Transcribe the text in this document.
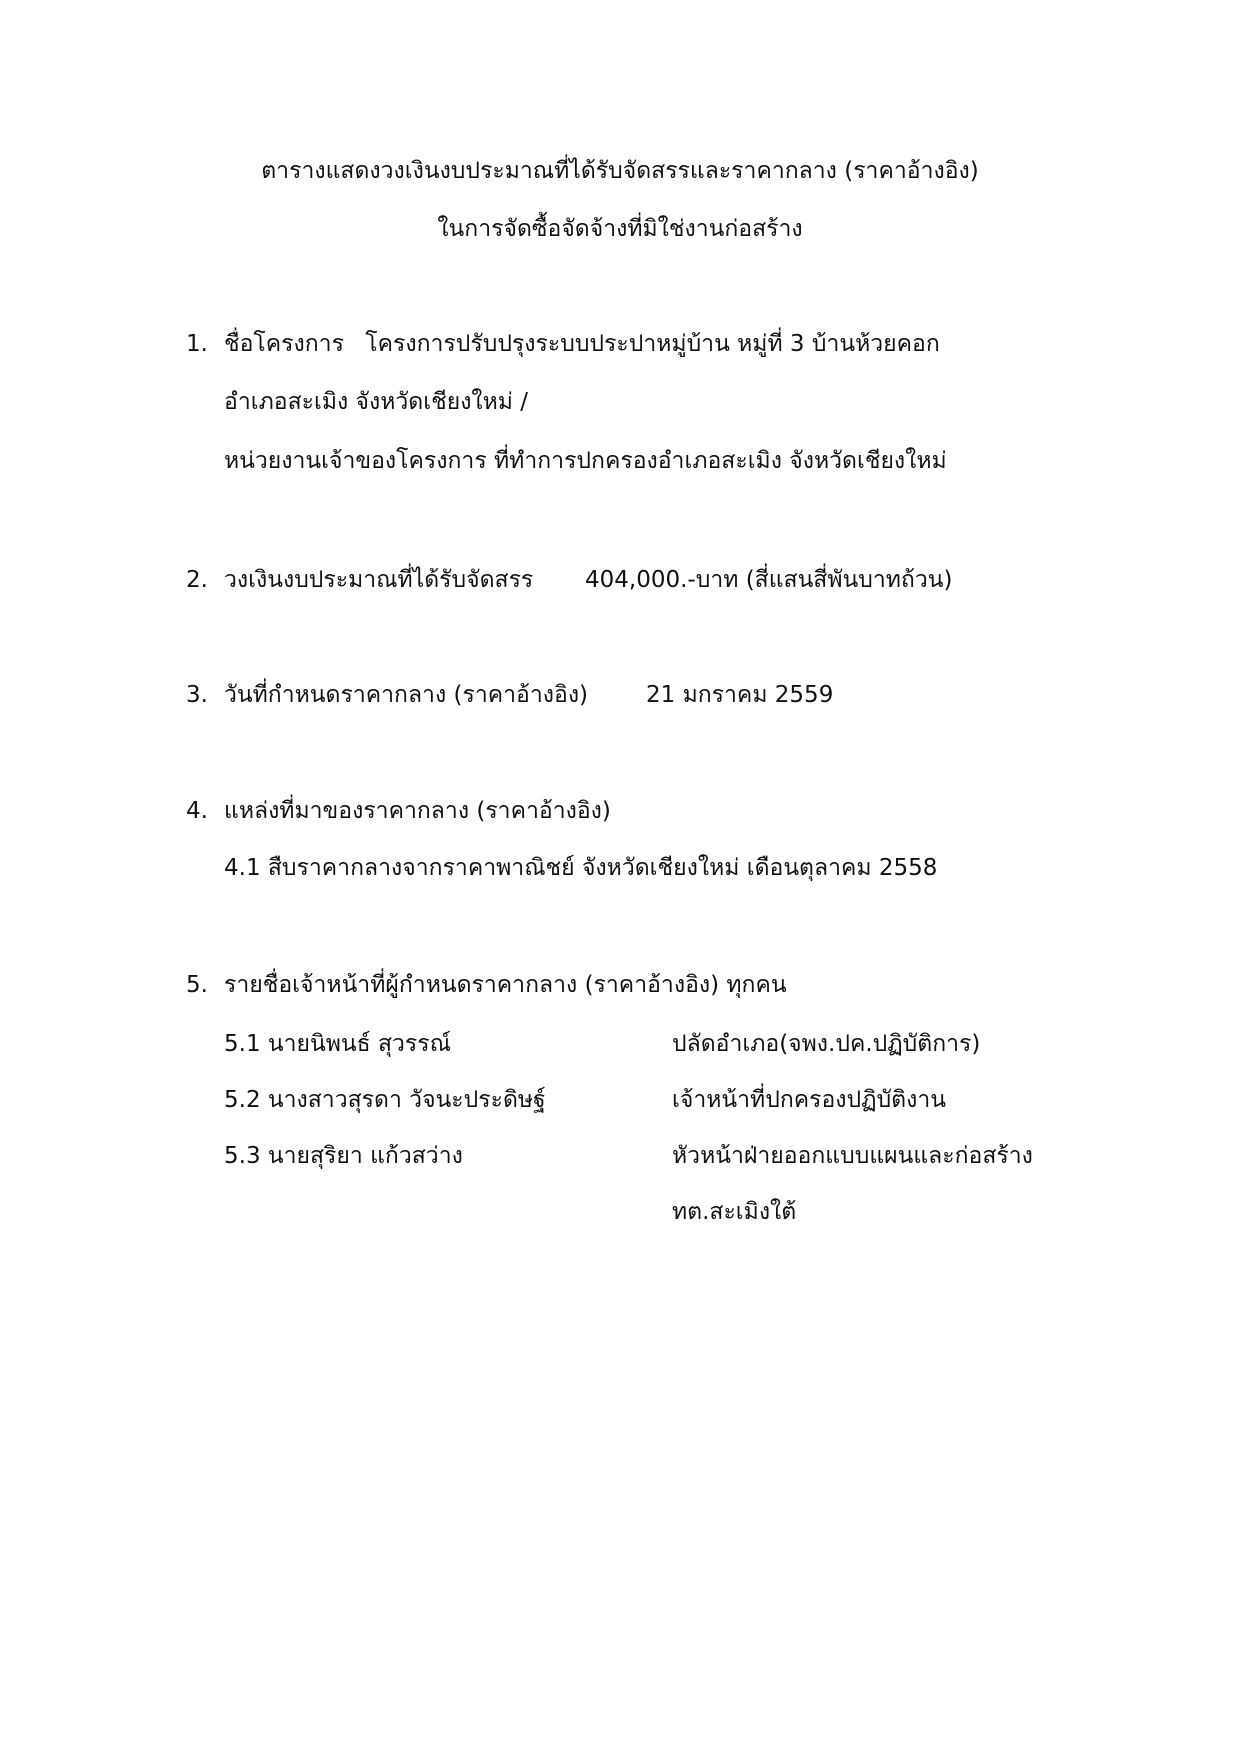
ตารางแสดงวงเงินงบประมาณที่ได้รับจัดสรรและราคากลาง (ราคาอ้างอิง)
ในการจัดซื้อจัดจ้างที่มิใช่งานก่อสร้าง
1. ชื่อโครงการ โครงการปรับปรุงระบบประปาหมู่บ้าน หมู่ที่ 3 บ้านห้วยคอก
อำเภอสะเมิง จังหวัดเชียงใหม่ /
หน่วยงานเจ้าของโครงการ ที่ทำการปกครองอำเภอสะเมิง จังหวัดเชียงใหม่
2. วงเงินงบประมาณที่ได้รับจัดสรร 404,000.-บาท (สี่แสนสี่พันบาทถ้วน)
3. วันที่กำหนดราคากลาง (ราคาอ้างอิง)	21 มกราคม 2559
4. แหล่งที่มาของราคากลาง (ราคาอ้างอิง)
4.1 สืบราคากลางจากราคาพาณิชย์ จังหวัดเชียงใหม่ เดือนตุลาคม 2558
5. รายชื่อเจ้าหน้าที่ผู้กำหนดราคากลาง (ราคาอ้างอิง) ทุกคน
5.1 นายนิพนธ์ สุวรรณ์	ปลัดอำเภอ(จพง.ปค.ปฏิบัติการ)
5.2 นางสาวสุรดา วัจนะประดิษฐ์	เจ้าหน้าที่ปกครองปฏิบัติงาน
5.3 นายสุริยา แก้วสว่าง	หัวหน้าฝ่ายออกแบบแผนและก่อสร้าง
ทต.สะเมิงใต้
